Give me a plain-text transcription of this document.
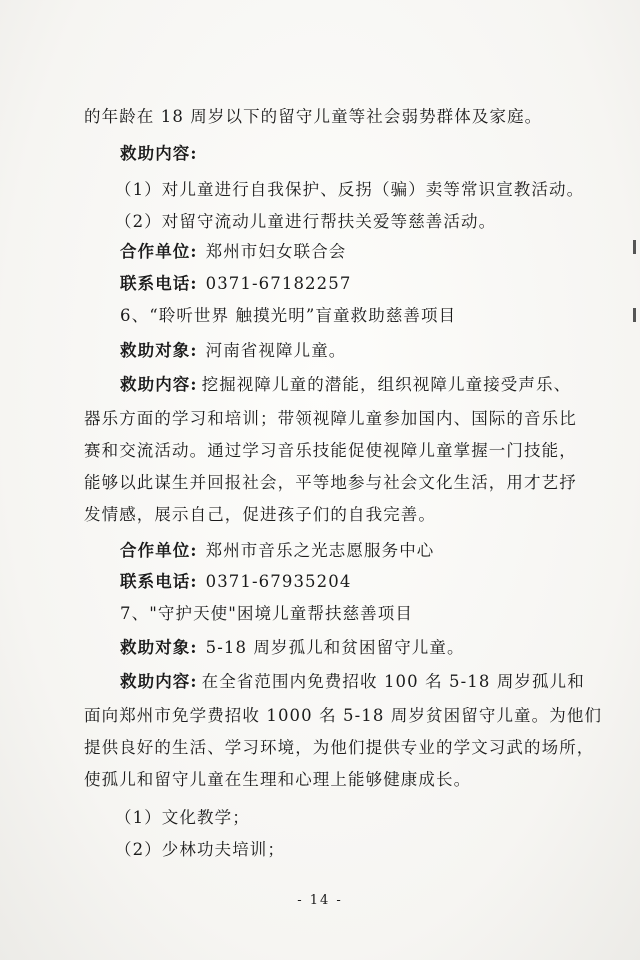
的年龄在 18 周岁以下的留守儿童等社会弱势群体及家庭。
救助内容:
（1）对儿童进行自我保护、反拐（骗）卖等常识宣教活动。
（2）对留守流动儿童进行帮扶关爱等慈善活动。
合作单位: 郑州市妇女联合会
联系电话: 0371-67182257
6、“聆听世界 触摸光明”盲童救助慈善项目
救助对象: 河南省视障儿童。
救助内容: 挖掘视障儿童的潜能，组织视障儿童接受声乐、
器乐方面的学习和培训；带领视障儿童参加国内、国际的音乐比
赛和交流活动。通过学习音乐技能促使视障儿童掌握一门技能，
能够以此谋生并回报社会，平等地参与社会文化生活，用才艺抒
发情感，展示自己，促进孩子们的自我完善。
合作单位: 郑州市音乐之光志愿服务中心
联系电话: 0371-67935204
7、"守护天使"困境儿童帮扶慈善项目
救助对象: 5-18 周岁孤儿和贫困留守儿童。
救助内容: 在全省范围内免费招收 100 名 5-18 周岁孤儿和
面向郑州市免学费招收 1000 名 5-18 周岁贫困留守儿童。为他们
提供良好的生活、学习环境，为他们提供专业的学文习武的场所，
使孤儿和留守儿童在生理和心理上能够健康成长。
（1）文化教学；
（2）少林功夫培训；
- 14 -
